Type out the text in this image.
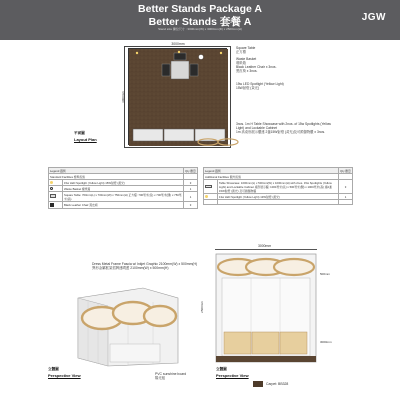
Better Stands Package A
Better Stands 套餐 A
Stand size 攤位尺寸 : 3000mm(W) x 3000mm(D) x 2500mm(H)
JGW
3000mm
3000mm
Square Table
正方檯
Waste Basket
廢紙箱
Black Leather Chair x 3nos.
黑皮椅 x 3nos.
15w LED Spotlight (Yellow Light)
15W射燈 (黃光)
3nos. 1m H Table Showcase with 2nos. of 15w Spotlights (Yellow Light) and Lockable Cabinet
1m 高桌形展示櫃連 2盞15W射燈 (黃光)及可鎖儲物櫃 x 3nos.
平面圖
Layout Plan
Legend 圖例		Qty 數量
Standard Facilities 標準設施		
	15w LED Spotlight (Yellow Light) 15W射燈 (黃光)	3
	Waste Basket 廢紙箱	1
	Square Table: 700mm(L) x 700mm(W) x 750mm(H) 正方檯: 700毫米(長) x 700毫米(闊) x 750毫米(高)	1
	Black Leather Chair 黑皮椅	3
Legend 圖例		Qty 數量
Additional Facilities 額外設施		
	Table Showcase: 1000mm(L) x 500mm(W) x 1000mm(H) with 2nos. 15w Spotlights (Yellow Light) and Lockable Cabinet 桌形展示櫃: 1000毫米(長) x 500毫米(闊) x 1000毫米(高) 連2盞15W射燈 (黃光) 及可鎖儲物櫃	3
	13w LED Spotlight (Yellow Light) 13W射燈 (黃光)	1

Dress Metal Frame Fascia w/ Inkjet Graphic 2100mm(W) x 500mm(H)
異形金屬框架招牌連噴畫 2100mm(W) x 500mm(H)
PVC sunshine board
陽光板
立體圖
Perspective View
3000mm
500mm
2500mm
3000mm
立體圖
Perspective View
Carpet: BB328
